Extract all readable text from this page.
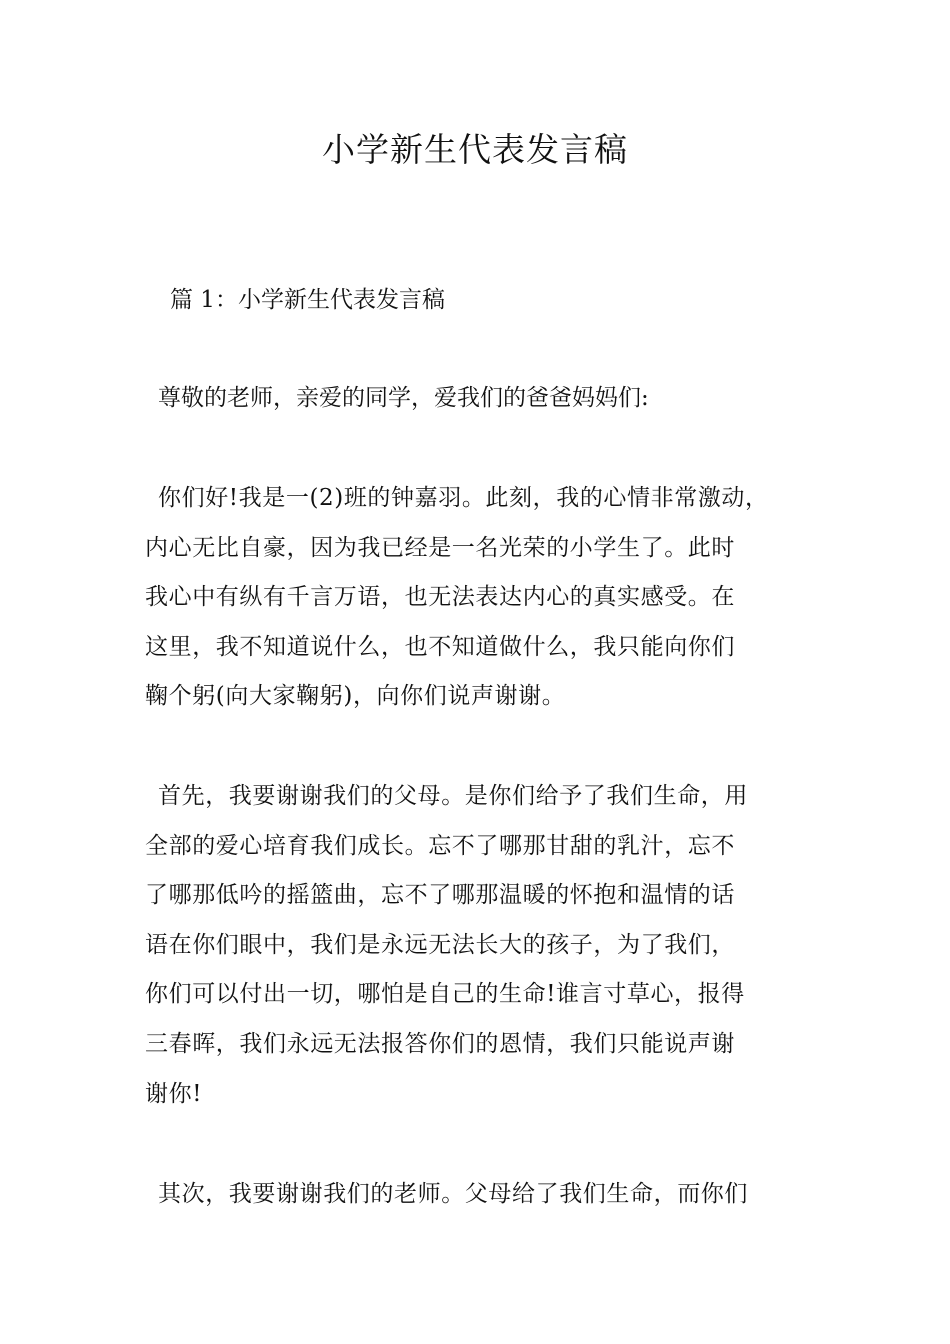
小学新生代表发言稿
篇 1：小学新生代表发言稿
尊敬的老师，亲爱的同学，爱我们的爸爸妈妈们:
你们好!我是一(2)班的钟嘉羽。此刻，我的心情非常激动，
内心无比自豪，因为我已经是一名光荣的小学生了。此时
我心中有纵有千言万语，也无法表达内心的真实感受。在
这里，我不知道说什么，也不知道做什么，我只能向你们
鞠个躬(向大家鞠躬)，向你们说声谢谢。
首先，我要谢谢我们的父母。是你们给予了我们生命，用
全部的爱心培育我们成长。忘不了哪那甘甜的乳汁，忘不
了哪那低吟的摇篮曲，忘不了哪那温暖的怀抱和温情的话
语在你们眼中，我们是永远无法长大的孩子，为了我们，
你们可以付出一切，哪怕是自己的生命!谁言寸草心，报得
三春晖，我们永远无法报答你们的恩情，我们只能说声谢
谢你!
其次，我要谢谢我们的老师。父母给了我们生命，而你们
